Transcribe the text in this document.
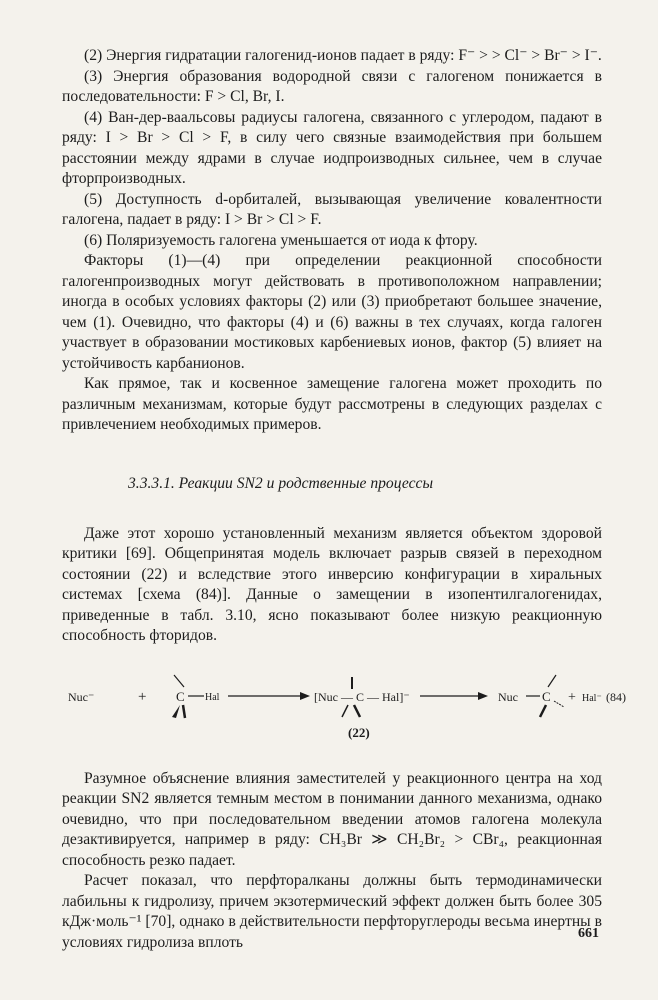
(2) Энергия гидратации галогенид-ионов падает в ряду: F⁻ > > Cl⁻ > Br⁻ > I⁻.

(3) Энергия образования водородной связи с галогеном понижается в последовательности: F > Cl, Br, I.

(4) Ван-дер-ваальсовы радиусы галогена, связанного с углеродом, падают в ряду: I > Br > Cl > F, в силу чего связные взаимодействия при большем расстоянии между ядрами в случае иодпроизводных сильнее, чем в случае фторпроизводных.

(5) Доступность d-орбиталей, вызывающая увеличение ковалентности галогена, падает в ряду: I > Br > Cl > F.

(6) Поляризуемость галогена уменьшается от иода к фтору.

Факторы (1)—(4) при определении реакционной способности галогенпроизводных могут действовать в противоположном направлении; иногда в особых условиях факторы (2) или (3) приобретают большее значение, чем (1). Очевидно, что факторы (4) и (6) важны в тех случаях, когда галоген участвует в образовании мостиковых карбениевых ионов, фактор (5) влияет на устойчивость карбанионов.

Как прямое, так и косвенное замещение галогена может проходить по различным механизмам, которые будут рассмотрены в следующих разделах с привлечением необходимых примеров.

3.3.3.1. Реакции SN2 и родственные процессы

Даже этот хорошо установленный механизм является объектом здоровой критики [69]. Общепринятая модель включает разрыв связей в переходном состоянии (22) и вследствие этого инверсию конфигурации в хиральных системах [схема (84)]. Данные о замещении в изопентилгалогенидах, приведенные в табл. 3.10, ясно показывают более низкую реакционную способность фторидов.

Nuc⁻	+ C Hal	[Nuc — C — Hal]⁻
(22)
Nuc C + Hal⁻ (84)

Разумное объяснение влияния заместителей у реакционного центра на ход реакции SN2 является темным местом в понимании данного механизма, однако очевидно, что при последовательном введении атомов галогена молекула дезактивируется, например в ряду: CH₃Br ≫ CH₂Br₂ > CBr₄, реакционная способность резко падает.

Расчет показал, что перфторалканы должны быть термодинамически лабильны к гидролизу, причем экзотермический эффект должен быть более 305 кДж·моль⁻¹ [70], однако в действительности перфторуглероды весьма инертны в условиях гидролиза вплоть	661
